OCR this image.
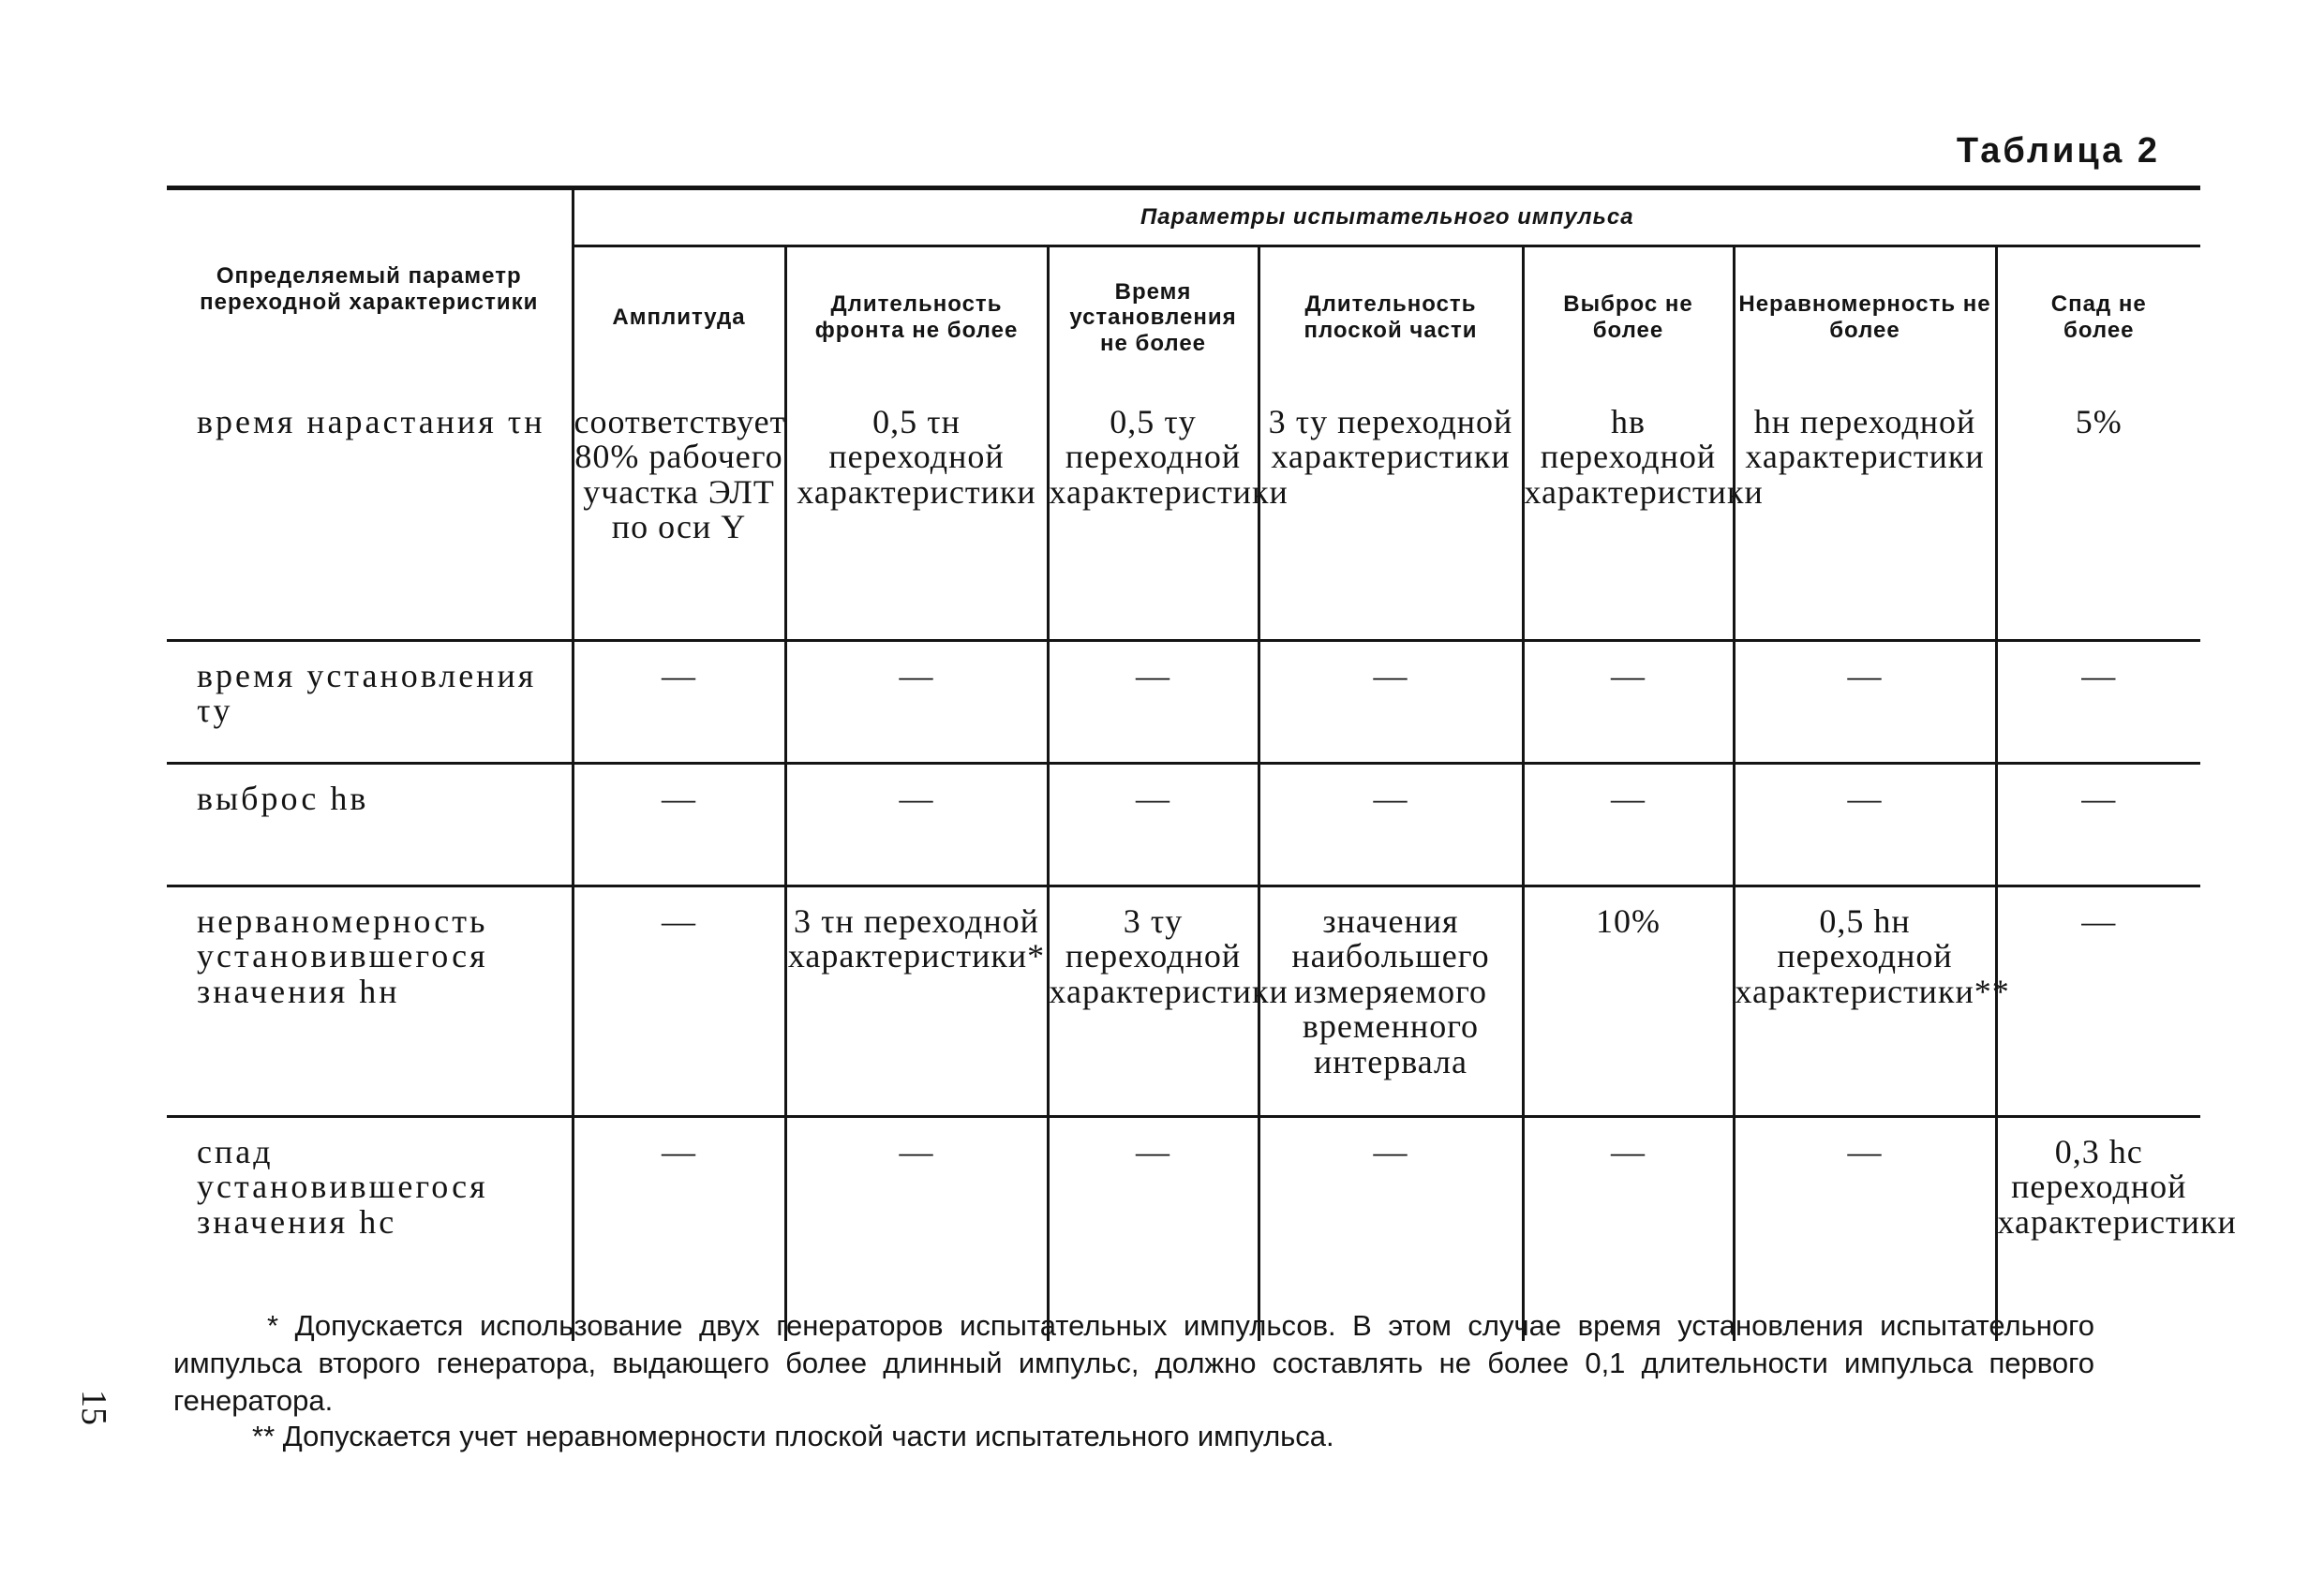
Таблица 2
Определяемый параметр переходной характеристики	Параметры испытательного импульса						
	Амплитуда	Длительность фронта не более	Время установления не более	Длительность плоской части	Выброс не более	Неравномерность не более	Спад не более
время нарастания τн	соответствует 80% рабочего участка ЭЛТ по оси Y	0,5 τн переходной характеристики	0,5 τу переходной характеристики	3 τу переходной характеристики	hв переходной характеристики	hн переходной характеристики	5%
время установления τу	—	—	—	—	—	—	—
выброс hв	—	—	—	—	—	—	—
нерваномерность установившегося значения hн	—	3 τн переходной характеристики*	3 τу переходной характеристики	значения наибольшего измеряемого временного интервала	10%	0,5 hн переходной характеристики**	—
спад установившегося значения hс	—	—	—	—	—	—	0,3 hс переходной характеристики
* Допускается использование двух генераторов испытательных импульсов. В этом случае время установления испытательного импульса второго генератора, выдающего более длинный импульс, должно составлять не более 0,1 длительности импульса первого генератора.
** Допускается учет неравномерности плоской части испытательного импульса.
15
